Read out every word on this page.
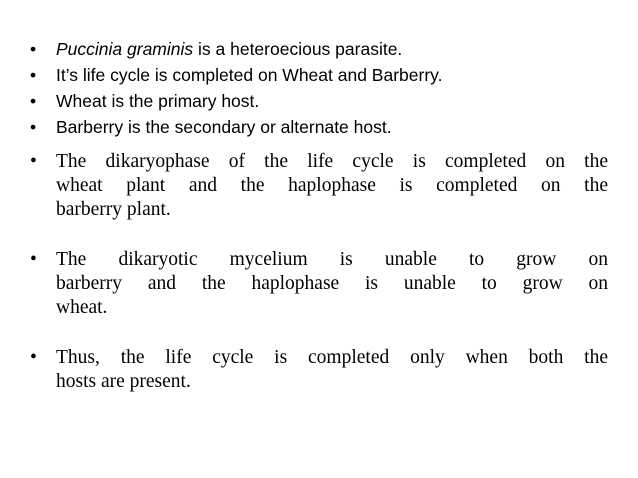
• Puccinia graminis is a heteroecious parasite.
• It’s life cycle is completed on Wheat and Barberry.
• Wheat is the primary host.
• Barberry is the secondary or alternate host.
• The dikaryophase of the life cycle is completed on the
wheat plant and the haplophase is completed on the
barberry plant.
• The dikaryotic mycelium is unable to grow on
barberry and the haplophase is unable to grow on
wheat.
• Thus, the life cycle is completed only when both the
hosts are present.
